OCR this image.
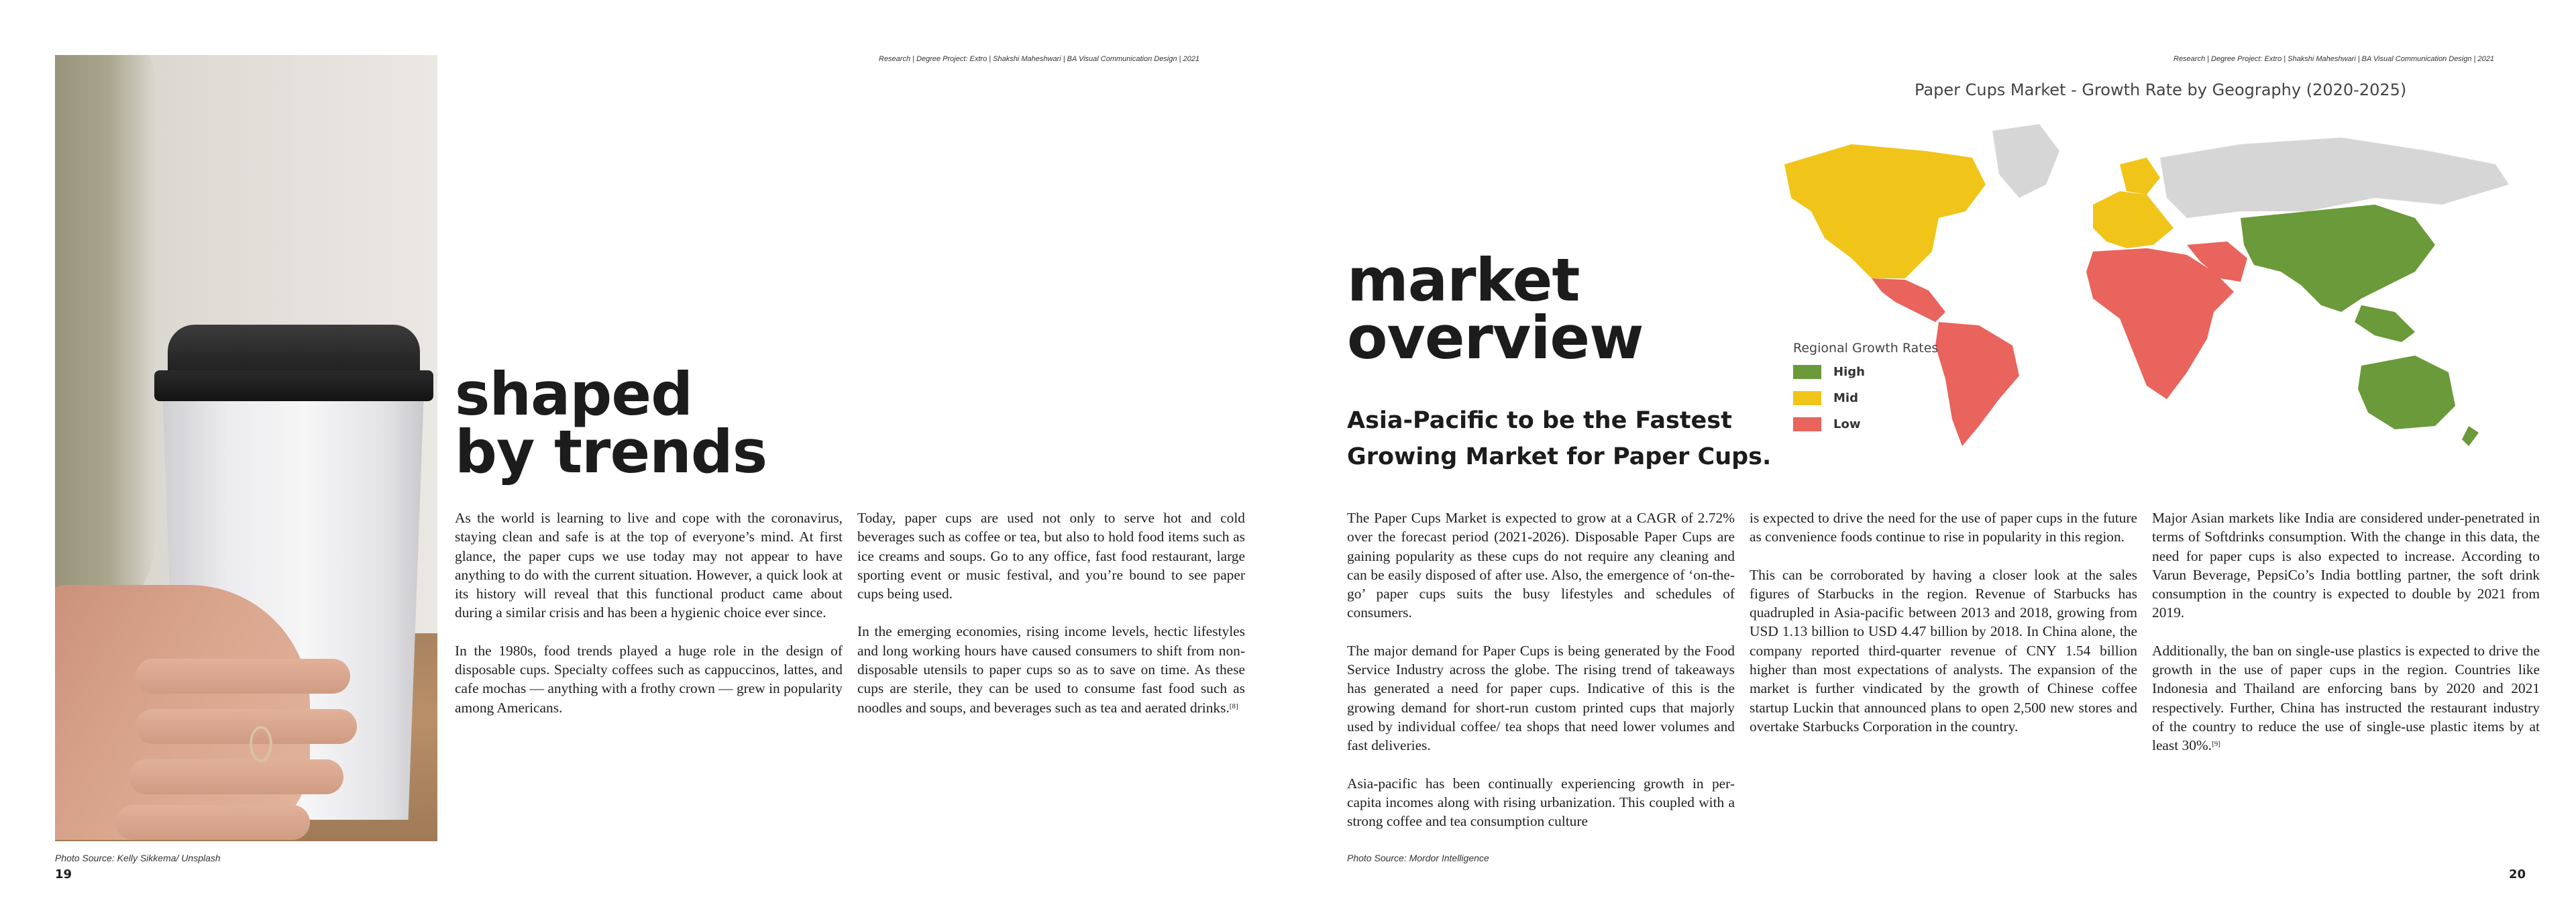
Research | Degree Project: Extro | Shakshi Maheshwari | BA Visual Communication Design | 2021
shaped
by trends

As the world is learning to live and cope with the coronavirus, staying clean and safe is at the top of everyone’s mind. At first glance, the paper cups we use today may not appear to have anything to do with the current situation. However, a quick look at its history will reveal that this functional product came about during a similar crisis and has been a hygienic choice ever since.

In the 1980s, food trends played a huge role in the design of disposable cups. Specialty coffees such as cappuccinos, lattes, and cafe mochas — anything with a frothy crown — grew in popularity among Americans.

Today, paper cups are used not only to serve hot and cold beverages such as coffee or tea, but also to hold food items such as ice creams and soups. Go to any office, fast food restaurant, large sporting event or music festival, and you’re bound to see paper cups being used.

In the emerging economies, rising income levels, hectic lifestyles and long working hours have caused consumers to shift from non-disposable utensils to paper cups so as to save on time. As these cups are sterile, they can be used to consume fast food such as noodles and soups, and beverages such as tea and aerated drinks.[8]

Photo Source: Kelly Sikkema/ Unsplash
19
Research | Degree Project: Extro | Shakshi Maheshwari | BA Visual Communication Design | 2021
Photo Source: Mordor Intelligence
20
Paper Cups Market - Growth Rate by Geography (2020-2025)
Regional Growth Rates
High
Mid
Low
market
overview
Asia-Pacific to be the Fastest
Growing Market for Paper Cups.

The Paper Cups Market is expected to grow at a CAGR of 2.72% over the forecast period (2021-2026). Disposable Paper Cups are gaining popularity as these cups do not require any cleaning and can be easily disposed of after use. Also, the emergence of ‘on-the-go’ paper cups suits the busy lifestyles and schedules of consumers.

The major demand for Paper Cups is being generated by the Food Service Industry across the globe. The rising trend of takeaways has generated a need for paper cups. Indicative of this is the growing demand for short-run custom printed cups that majorly used by individual coffee/ tea shops that need lower volumes and fast deliveries.

Asia-pacific has been continually experiencing growth in per-capita incomes along with rising urbanization. This coupled with a strong coffee and tea consumption culture

is expected to drive the need for the use of paper cups in the future as convenience foods continue to rise in popularity in this region.

This can be corroborated by having a closer look at the sales figures of Starbucks in the region. Revenue of Starbucks has quadrupled in Asia-pacific between 2013 and 2018, growing from USD 1.13 billion to USD 4.47 billion by 2018. In China alone, the company reported third-quarter revenue of CNY 1.54 billion higher than most expectations of analysts. The expansion of the market is further vindicated by the growth of Chinese coffee startup Luckin that announced plans to open 2,500 new stores and overtake Starbucks Corporation in the country.

Major Asian markets like India are considered under-penetrated in terms of Softdrinks consumption. With the change in this data, the need for paper cups is also expected to increase. According to Varun Beverage, PepsiCo’s India bottling partner, the soft drink consumption in the country is expected to double by 2021 from 2019.

Additionally, the ban on single-use plastics is expected to drive the growth in the use of paper cups in the region. Countries like Indonesia and Thailand are enforcing bans by 2020 and 2021 respectively. Further, China has instructed the restaurant industry of the country to reduce the use of single-use plastic items by at least 30%.[9]
